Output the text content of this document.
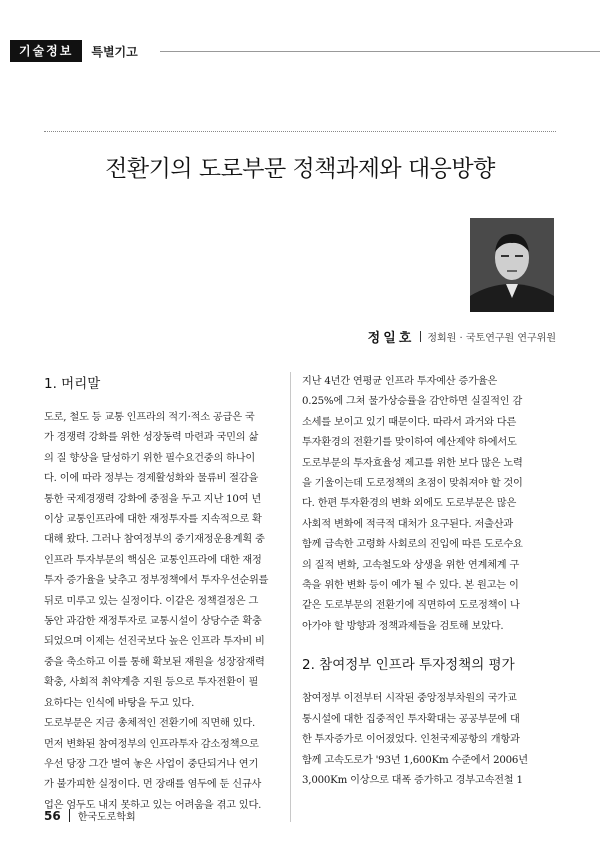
기술정보	특별기고
전환기의 도로부문 정책과제와 대응방향
정일호 정회원 · 국토연구원 연구위원
1. 머리말
도로, 철도 등 교통 인프라의 적기·적소 공급은 국
가 경쟁력 강화를 위한 성장동력 마련과 국민의 삶
의 질 향상을 달성하기 위한 필수요건중의 하나이
다. 이에 따라 정부는 경제활성화와 물류비 절감을
통한 국제경쟁력 강화에 중점을 두고 지난 10여 년
이상 교통인프라에 대한 재정투자를 지속적으로 확
대해 왔다. 그러나 참여정부의 중기재정운용계획 중
인프라 투자부문의 핵심은 교통인프라에 대한 재정
투자 증가율을 낮추고 정부정책에서 투자우선순위를
뒤로 미루고 있는 실정이다. 이같은 정책결정은 그
동안 과감한 재정투자로 교통시설이 상당수준 확충
되었으며 이제는 선진국보다 높은 인프라 투자비 비
중을 축소하고 이를 통해 확보된 재원을 성장잠재력
확충, 사회적 취약계층 지원 등으로 투자전환이 필
요하다는 인식에 바탕을 두고 있다.
도로부문은 지금 총체적인 전환기에 직면해 있다.
먼저 변화된 참여정부의 인프라투자 감소정책으로
우선 당장 그간 벌여 놓은 사업이 중단되거나 연기
가 불가피한 실정이다. 먼 장래를 염두에 둔 신규사
업은 엄두도 내지 못하고 있는 어려움을 겪고 있다.
지난 4년간 연평균 인프라 투자예산 증가율은
0.25%에 그쳐 물가상승률을 감안하면 실질적인 감
소세를 보이고 있기 때문이다. 따라서 과거와 다른
투자환경의 전환기를 맞이하여 예산제약 하에서도
도로부문의 투자효율성 제고를 위한 보다 많은 노력
을 기울이는데 도로정책의 초점이 맞춰져야 할 것이
다. 한편 투자환경의 변화 외에도 도로부문은 많은
사회적 변화에 적극적 대처가 요구된다. 저출산과
함께 급속한 고령화 사회로의 진입에 따른 도로수요
의 질적 변화, 고속철도와 상생을 위한 연계체계 구
축을 위한 변화 등이 예가 될 수 있다. 본 원고는 이
같은 도로부문의 전환기에 직면하여 도로정책이 나
아가야 할 방향과 정책과제들을 검토해 보았다.
2. 참여정부 인프라 투자정책의 평가
참여정부 이전부터 시작된 중앙정부차원의 국가교
통시설에 대한 집중적인 투자확대는 공공부문에 대
한 투자증가로 이어졌었다. 인천국제공항의 개항과
함께 고속도로가 '93년 1,600Km 수준에서 2006년
3,000Km 이상으로 대폭 증가하고 경부고속전철 1
56 한국도로학회
